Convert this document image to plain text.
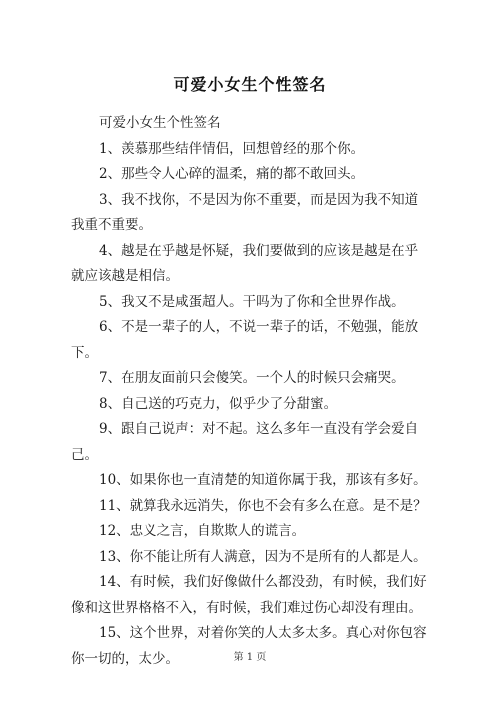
可爱小女生个性签名

可爱小女生个性签名

1、羡慕那些结伴情侣，回想曾经的那个你。

2、那些令人心碎的温柔，痛的都不敢回头。

3、我不找你，不是因为你不重要，而是因为我不知道我重不重要。

4、越是在乎越是怀疑，我们要做到的应该是越是在乎就应该越是相信。

5、我又不是咸蛋超人。干吗为了你和全世界作战。

6、不是一辈子的人，不说一辈子的话，不勉强，能放下。

7、在朋友面前只会傻笑。一个人的时候只会痛哭。

8、自己送的巧克力，似乎少了分甜蜜。

9、跟自己说声：对不起。这么多年一直没有学会爱自己。

10、如果你也一直清楚的知道你属于我，那该有多好。

11、就算我永远消失，你也不会有多么在意。是不是？

12、忠义之言，自欺欺人的谎言。

13、你不能让所有人满意，因为不是所有的人都是人。

14、有时候，我们好像做什么都没劲，有时候，我们好像和这世界格格不入，有时候，我们难过伤心却没有理由。

15、这个世界，对着你笑的人太多太多。真心对你包容你一切的，太少。	第 1 页
